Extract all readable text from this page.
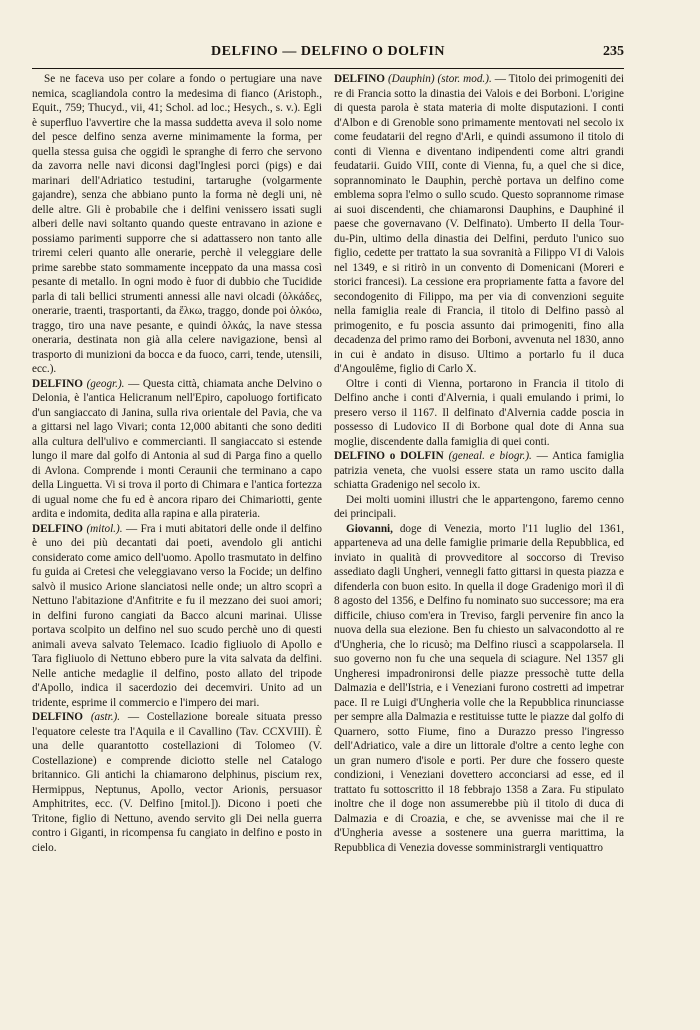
DELFINO — DELFINO O DOLFIN	235

Se ne faceva uso per colare a fondo o pertugiare una nave nemica, scagliandola contro la medesima di fianco (Aristoph., Equit., 759; Thucyd., vii, 41; Schol. ad loc.; Hesych., s. v.). Egli è superfluo l'avvertire che la massa suddetta aveva il solo nome del pesce delfino senza averne minimamente la forma, per quella stessa guisa che oggidì le spranghe di ferro che servono da zavorra nelle navi diconsi dagl'Inglesi porci (pigs) e dai marinari dell'Adriatico testudini, tartarughe (volgarmente gajandre), senza che abbiano punto la forma nè degli uni, nè delle altre. Gli è probabile che i delfini venissero issati sugli alberi delle navi soltanto quando queste entravano in azione e possiamo parimenti supporre che si adattassero non tanto alle triremi celeri quanto alle onerarie, perchè il veleggiare delle prime sarebbe stato sommamente inceppato da una massa così pesante di metallo. In ogni modo è fuor di dubbio che Tucidide parla di tali bellici strumenti annessi alle navi olcadi (ὁλκάδες, onerarie, traenti, trasportanti, da ἕλκω, traggo, donde poi ὁλκόω, traggo, tiro una nave pesante, e quindi ὁλκάς, la nave stessa oneraria, destinata non già alla celere navigazione, bensì al trasporto di munizioni da bocca e da fuoco, carri, tende, utensili, ecc.).

DELFINO (geogr.). — Questa città, chiamata anche Delvino o Delonia, è l'antica Helicranum nell'Epiro, capoluogo fortificato d'un sangiaccato di Janina, sulla riva orientale del Pavia, che va a gittarsi nel lago Vivari; conta 12,000 abitanti che sono dediti alla cultura dell'ulivo e commercianti. Il sangiaccato si estende lungo il mare dal golfo di Antonia al sud di Parga fino a quello di Avlona. Comprende i monti Ceraunii che terminano a capo della Linguetta. Vi si trova il porto di Chimara e l'antica fortezza di ugual nome che fu ed è ancora riparo dei Chimariotti, gente ardita e indomita, dedita alla rapina e alla pirateria.

DELFINO (mitol.). — Fra i muti abitatori delle onde il delfino è uno dei più decantati dai poeti, avendolo gli antichi considerato come amico dell'uomo. Apollo trasmutato in delfino fu guida ai Cretesi che veleggiavano verso la Focide; un delfino salvò il musico Arione slanciatosi nelle onde; un altro scoprì a Nettuno l'abitazione d'Anfitrite e fu il mezzano dei suoi amori; in delfini furono cangiati da Bacco alcuni marinai. Ulisse portava scolpito un delfino nel suo scudo perchè uno di questi animali aveva salvato Telemaco. Icadio figliuolo di Apollo e Tara figliuolo di Nettuno ebbero pure la vita salvata da delfini. Nelle antiche medaglie il delfino, posto allato del tripode d'Apollo, indica il sacerdozio dei decemviri. Unito ad un tridente, esprime il commercio e l'impero dei mari.

DELFINO (astr.). — Costellazione boreale situata presso l'equatore celeste tra l'Aquila e il Cavallino (Tav. CCXVIII). È una delle quarantotto costellazioni di Tolomeo (V. Costellazione) e comprende diciotto stelle nel Catalogo britannico. Gli antichi la chiamarono delphinus, piscium rex, Hermippus, Neptunus, Apollo, vector Arionis, persuasor Amphitrites, ecc. (V. Delfino [mitol.]). Dicono i poeti che Tritone, figlio di Nettuno, avendo servito gli Dei nella guerra contro i Giganti, in ricompensa fu cangiato in delfino e posto in cielo.

DELFINO (Dauphin) (stor. mod.). — Titolo dei primogeniti dei re di Francia sotto la dinastia dei Valois e dei Borboni. L'origine di questa parola è stata materia di molte disputazioni. I conti d'Albon e di Grenoble sono primamente mentovati nel secolo ix come feudatarii del regno d'Arli, e quindi assumono il titolo di conti di Vienna e diventano indipendenti come altri grandi feudatarii. Guido VIII, conte di Vienna, fu, a quel che si dice, soprannominato le Dauphin, perchè portava un delfino come emblema sopra l'elmo o sullo scudo. Questo soprannome rimase ai suoi discendenti, che chiamaronsi Dauphins, e Dauphiné il paese che governavano (V. Delfinato). Umberto II della Tour-du-Pin, ultimo della dinastia dei Delfini, perduto l'unico suo figlio, cedette per trattato la sua sovranità a Filippo VI di Valois nel 1349, e si ritirò in un convento di Domenicani (Moreri e storici francesi). La cessione era propriamente fatta a favore del secondogenito di Filippo, ma per via di convenzioni seguite nella famiglia reale di Francia, il titolo di Delfino passò al primogenito, e fu poscia assunto dai primogeniti, fino alla decadenza del primo ramo dei Borboni, avvenuta nel 1830, anno in cui è andato in disuso. Ultimo a portarlo fu il duca d'Angoulême, figlio di Carlo X.

Oltre i conti di Vienna, portarono in Francia il titolo di Delfino anche i conti d'Alvernia, i quali emulando i primi, lo presero verso il 1167. Il delfinato d'Alvernia cadde poscia in possesso di Ludovico II di Borbone qual dote di Anna sua moglie, discendente dalla famiglia di quei conti.

DELFINO o DOLFIN (geneal. e biogr.). — Antica famiglia patrizia veneta, che vuolsi essere stata un ramo uscito dalla schiatta Gradenigo nel secolo ix.

Dei molti uomini illustri che le appartengono, faremo cenno dei principali.

Giovanni, doge di Venezia, morto l'11 luglio del 1361, apparteneva ad una delle famiglie primarie della Repubblica, ed inviato in qualità di provveditore al soccorso di Treviso assediato dagli Ungheri, vennegli fatto gittarsi in questa piazza e difenderla con buon esito. In quella il doge Gradenigo morì il dì 8 agosto del 1356, e Delfino fu nominato suo successore; ma era difficile, chiuso com'era in Treviso, fargli pervenire fin anco la nuova della sua elezione. Ben fu chiesto un salvacondotto al re d'Ungheria, che lo ricusò; ma Delfino riuscì a scappolarsela. Il suo governo non fu che una sequela di sciagure. Nel 1357 gli Ungheresi impadronironsi delle piazze pressochè tutte della Dalmazia e dell'Istria, e i Veneziani furono costretti ad impetrar pace. Il re Luigi d'Ungheria volle che la Repubblica rinunciasse per sempre alla Dalmazia e restituisse tutte le piazze dal golfo di Quarnero, sotto Fiume, fino a Durazzo presso l'ingresso dell'Adriatico, vale a dire un littorale d'oltre a cento leghe con un gran numero d'isole e porti. Per dure che fossero queste condizioni, i Veneziani dovettero acconciarsi ad esse, ed il trattato fu sottoscritto il 18 febbrajo 1358 a Zara. Fu stipulato inoltre che il doge non assumerebbe più il titolo di duca di Dalmazia e di Croazia, e che, se avvenisse mai che il re d'Ungheria avesse a sostenere una guerra marittima, la Repubblica di Venezia dovesse somministrargli ventiquattro
